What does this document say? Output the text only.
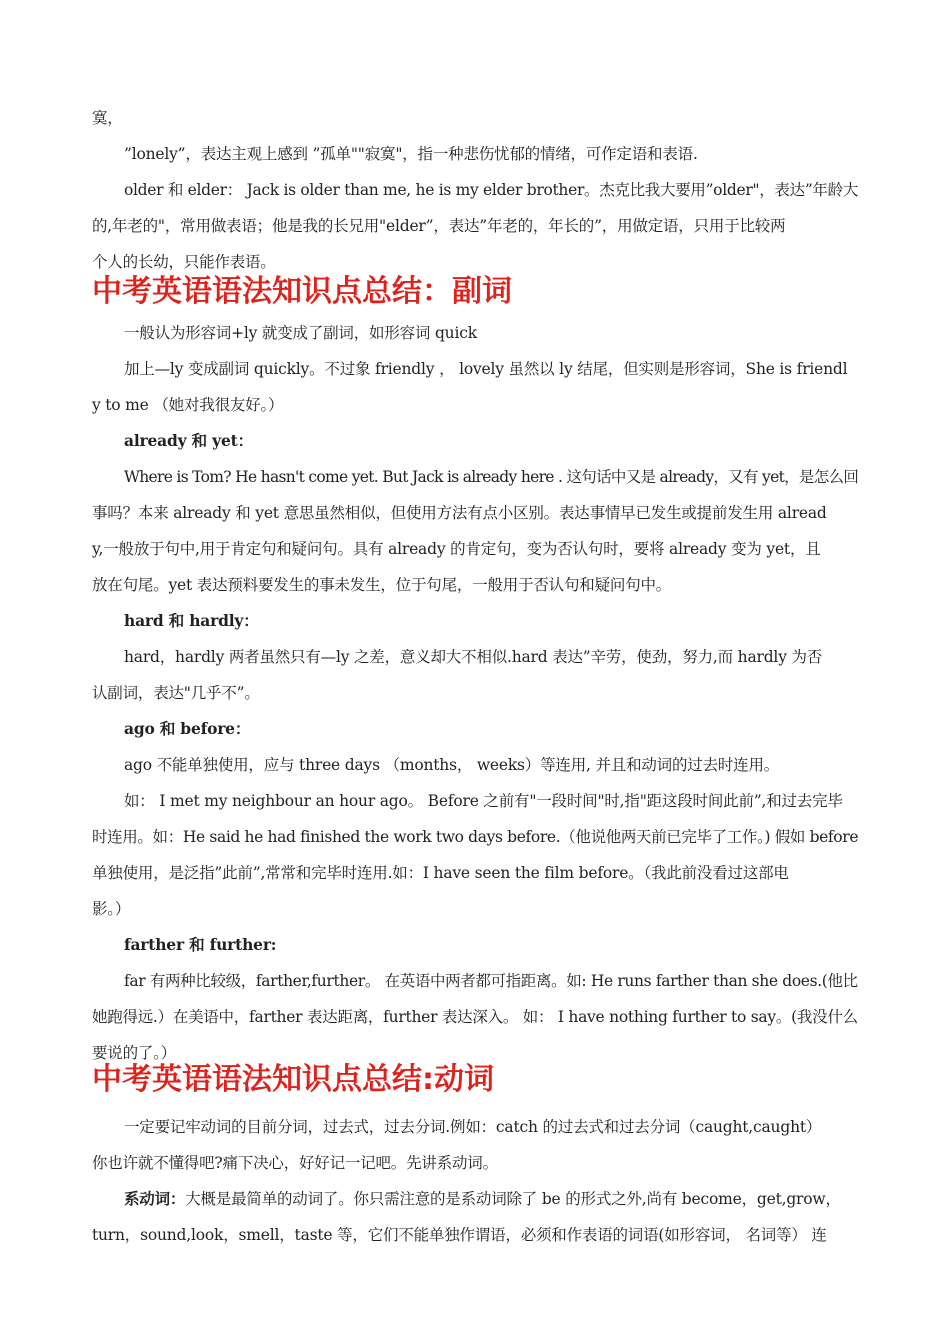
寞，
”lonely”，表达主观上感到 ”孤单""寂寞"，指一种悲伤忧郁的情绪，可作定语和表语.
older 和 elder： Jack is older than me, he is my elder brother。杰克比我大要用”older"，表达”年龄大
的,年老的"，常用做表语；他是我的长兄用"elder”，表达”年老的，年长的”，用做定语，只用于比较两
个人的长幼，只能作表语。
中考英语语法知识点总结：副词
一般认为形容词+ly 就变成了副词，如形容词 quick
加上—ly 变成副词 quickly。不过象 friendly ， lovely 虽然以 ly 结尾，但实则是形容词，She is friendl
y to me （她对我很友好。）
already 和 yet：
Where is Tom? He hasn't come yet. But Jack is already here . 这句话中又是 already，又有 yet，是怎么回
事吗？本来 already 和 yet 意思虽然相似，但使用方法有点小区别。表达事情早已发生或提前发生用 alread
y,一般放于句中,用于肯定句和疑问句。具有 already 的肯定句，变为否认句时，要将 already 变为 yet，且
放在句尾。yet 表达预料要发生的事未发生，位于句尾，一般用于否认句和疑问句中。
hard 和 hardly：
hard，hardly 两者虽然只有—ly 之差，意义却大不相似.hard 表达”辛劳，使劲，努力,而 hardly 为否
认副词，表达"几乎不”。
ago 和 before：
ago 不能单独使用，应与 three days （months， weeks）等连用, 并且和动词的过去时连用。
如： I met my neighbour an hour ago。 Before 之前有"一段时间"时,指"距这段时间此前”,和过去完毕
时连用。如：He said he had finished the work two days before.（他说他两天前已完毕了工作。) 假如 before
单独使用，是泛指”此前”,常常和完毕时连用.如：I have seen the film before。（我此前没看过这部电
影。）
farther 和 further:
far 有两种比较级，farther,further。 在英语中两者都可指距离。如: He runs farther than she does.(他比
她跑得远.）在美语中，farther 表达距离，further 表达深入。 如： I have nothing further to say。(我没什么
要说的了。）
中考英语语法知识点总结:动词
一定要记牢动词的目前分词，过去式，过去分词.例如：catch 的过去式和过去分词（caught,caught）
你也许就不懂得吧?痛下决心，好好记一记吧。先讲系动词。
系动词：大概是最简单的动词了。你只需注意的是系动词除了 be 的形式之外,尚有 become，get,grow，
turn，sound,look，smell，taste 等，它们不能单独作谓语，必须和作表语的词语(如形容词， 名词等） 连
